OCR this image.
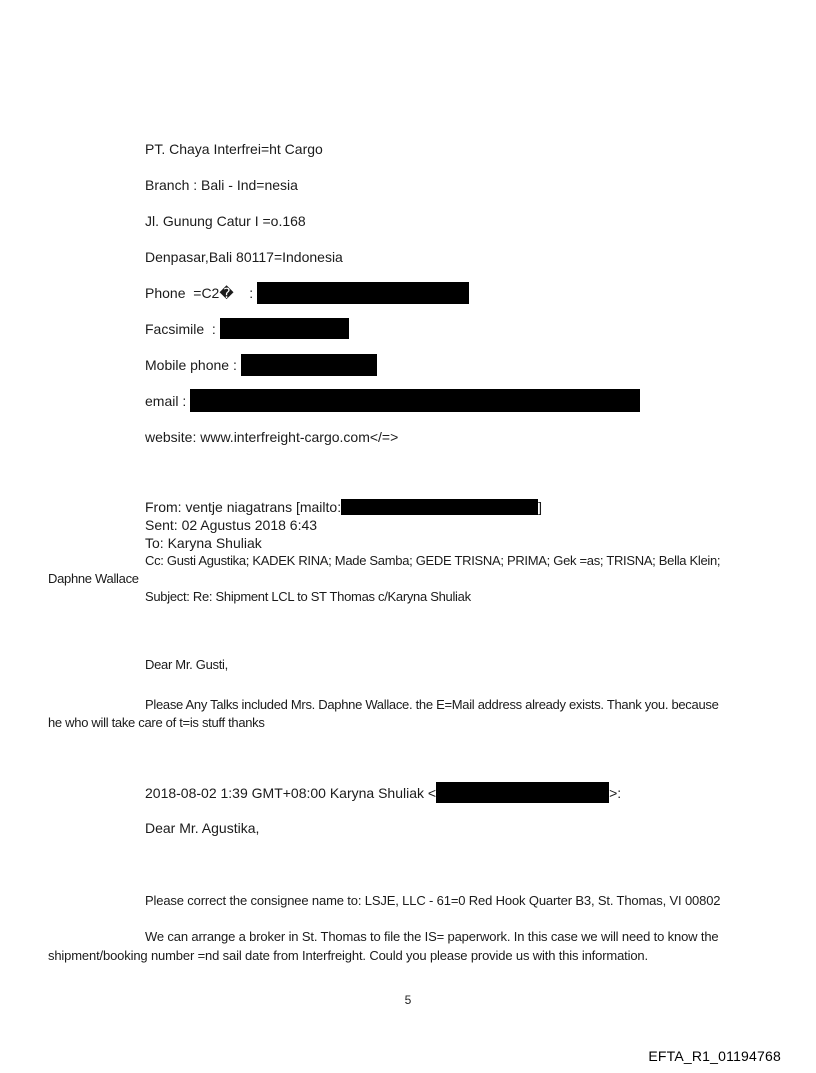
PT. Chaya Interfrei=ht Cargo
Branch : Bali - Ind=nesia
Jl. Gunung Catur I =o.168
Denpasar,Bali 80117=Indonesia
Phone  =C2�    :
Facsimile  :
Mobile phone :
email :
website: www.interfreight-cargo.com</=>
From: ventje niagatrans [mailto:	]
Sent: 02 Agustus 2018 6:43
To: Karyna Shuliak
Cc: Gusti Agustika; KADEK RINA; Made Samba; GEDE TRISNA; PRIMA; Gek =as; TRISNA; Bella Klein;
Daphne Wallace
Subject: Re: Shipment LCL to ST Thomas c/Karyna Shuliak
Dear Mr. Gusti,
Please Any Talks included Mrs. Daphne Wallace. the E=Mail address already exists. Thank you. because
he who will take care of t=is stuff thanks
2018-08-02 1:39 GMT+08:00 Karyna Shuliak <	>:
Dear Mr. Agustika,
Please correct the consignee name to: LSJE, LLC - 61=0 Red Hook Quarter B3, St. Thomas, VI 00802
We can arrange a broker in St. Thomas to file the IS= paperwork. In this case we will need to know the
shipment/booking number =nd sail date from Interfreight. Could you please provide us with this information.
5
EFTA_R1_01194768
